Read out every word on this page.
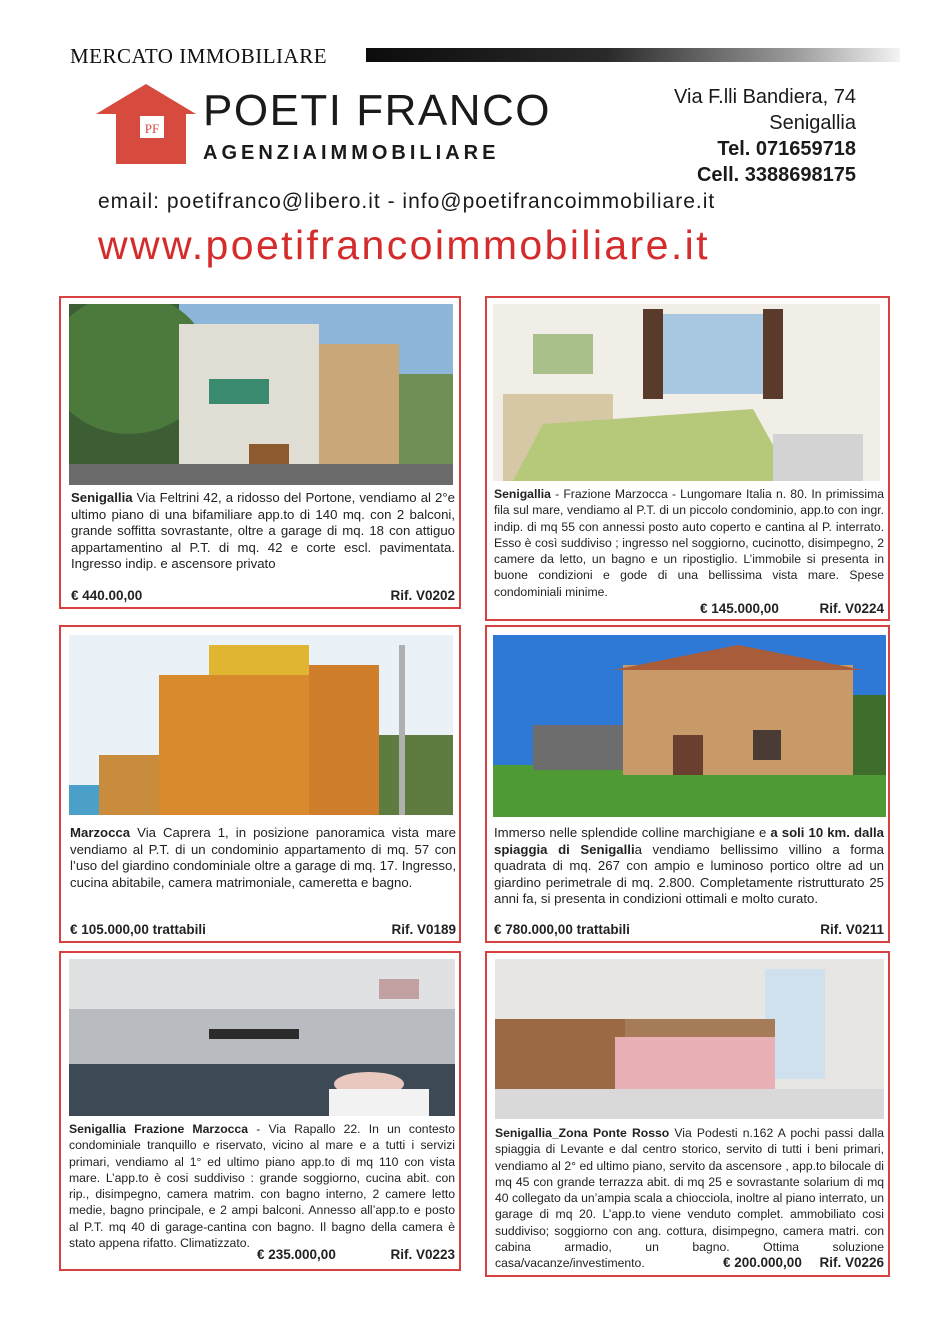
MERCATO IMMOBILIARE
PF POETI FRANCO
AGENZIAIMMOBILIARE
Via F.lli Bandiera, 74
Senigallia
Tel. 071659718
Cell. 3388698175
email: poetifranco@libero.it - info@poetifrancoimmobiliare.it
www.poetifrancoimmobiliare.it
Senigallia Via Feltrini 42, a ridosso del Portone, vendiamo al 2°e ultimo piano di una bifamiliare app.to di 140 mq. con 2 balconi, grande soffitta sovrastante, oltre a garage di mq. 18 con attiguo appartamentino al P.T. di mq. 42 e corte escl. pavimentata. Ingresso indip. e ascensore privato
€ 440.00,00	Rif. V0202
Senigallia - Frazione Marzocca - Lungomare Italia n. 80. In primissima fila sul mare, vendiamo al P.T. di un piccolo condominio, app.to con ingr. indip. di mq 55 con annessi posto auto coperto e cantina al P. interrato. Esso è così suddiviso ; ingresso nel soggiorno, cucinotto, disimpegno, 2 camere da letto, un bagno e un ripostiglio. L’immobile si presenta in buone condizioni e gode di una bellissima vista mare. Spese condominiali minime.
€ 145.000,00	Rif. V0224
Marzocca Via Caprera 1, in posizione panoramica vista mare vendiamo al P.T. di un condominio appartamento di mq. 57 con l’uso del giardino condominiale oltre a garage di mq. 17. Ingresso, cucina abitabile, camera matrimoniale, cameretta e bagno.
€ 105.000,00 trattabili	Rif. V0189
Immerso nelle splendide colline marchigiane e a soli 10 km. dalla spiaggia di Senigallia vendiamo bellissimo villino a forma quadrata di mq. 267 con ampio e luminoso portico oltre ad un giardino perimetrale di mq. 2.800. Completamente ristrutturato 25 anni fa, si presenta in condizioni ottimali e molto curato.
€ 780.000,00 trattabili	Rif. V0211
Senigallia Frazione Marzocca - Via Rapallo 22. In un contesto condominiale tranquillo e riservato, vicino al mare e a tutti i servizi primari, vendiamo al 1° ed ultimo piano app.to di mq 110 con vista mare. L’app.to è cosi suddiviso : grande soggiorno, cucina abit. con rip., disimpegno, camera matrim. con bagno interno, 2 camere letto medie, bagno principale, e 2 ampi balconi. Annesso all’app.to e posto al P.T. mq 40 di garage-cantina con bagno. Il bagno della camera è stato appena rifatto. Climatizzato.
€ 235.000,00	Rif. V0223
Senigallia_Zona Ponte Rosso Via Podesti n.162 A pochi passi dalla spiaggia di Levante e dal centro storico, servito di tutti i beni primari, vendiamo al 2° ed ultimo piano, servito da ascensore , app.to bilocale di mq 45 con grande terrazza abit. di mq 25 e sovrastante solarium di mq 40 collegato da un’ampia scala a chiocciola, inoltre al piano interrato, un garage di mq 20. L’app.to viene venduto complet. ammobiliato cosi suddiviso; soggiorno con ang. cottura, disimpegno, camera matri. con cabina armadio, un bagno. Ottima soluzione casa/vacanze/investimento.	€ 200.000,00 Rif. V0226
